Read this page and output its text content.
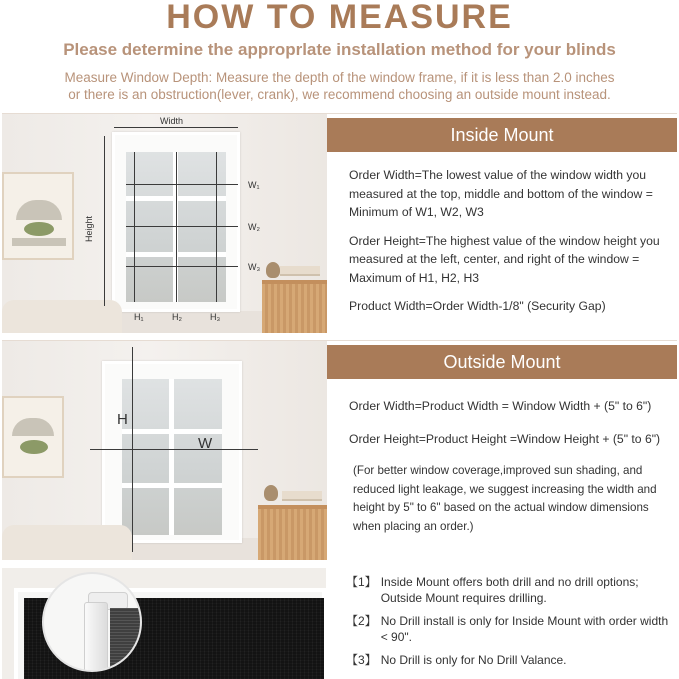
HOW TO MEASURE
Please determine the approprlate installation method for your blinds
Measure Window Depth: Measure the depth of the window frame, if it is less than 2.0 inches
or there is an obstruction(lever, crank), we recommend choosing an outside mount instead.
Width
Height
W₁
W₂
W₃
H₁	H₂	H₃
Inside Mount

Order Width=The lowest value of the window width you measured at the top, middle and bottom of the window = Minimum of W1, W2, W3

Order Height=The highest value of the window height you measured at the left, center, and right of the window = Maximum of H1, H2, H3

Product Width=Order Width-1/8" (Security Gap)

H
W
Outside Mount

Order Width=Product Width = Window Width + (5" to 6")

Order Height=Product Height =Window Height + (5" to 6")

(For better window coverage,improved sun shading, and reduced light leakage, we suggest increasing the width and height by 5" to 6" based on the actual window dimensions when placing an order.)

【1】 Inside Mount offers both drill and no drill options; Outside Mount requires drilling.
【2】 No Drill install is only for Inside Mount with order width < 90".
【3】 No Drill is only for No Drill Valance.
